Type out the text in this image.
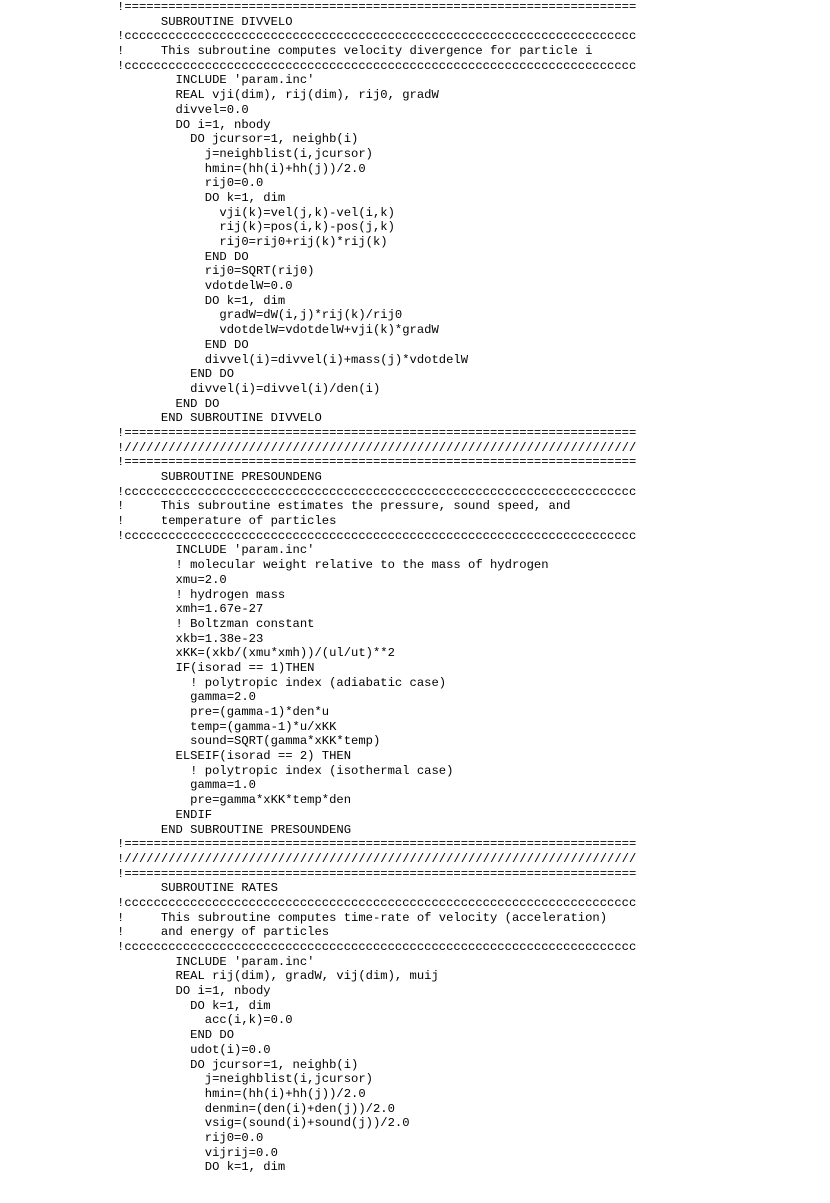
!======================================================================
SUBROUTINE DIVVELO
!cccccccccccccccccccccccccccccccccccccccccccccccccccccccccccccccccccccc
!     This subroutine computes velocity divergence for particle i
!cccccccccccccccccccccccccccccccccccccccccccccccccccccccccccccccccccccc
INCLUDE 'param.inc'
REAL vji(dim), rij(dim), rij0, gradW
divvel=0.0
DO i=1, nbody
DO jcursor=1, neighb(i)
j=neighblist(i,jcursor)
hmin=(hh(i)+hh(j))/2.0
rij0=0.0
DO k=1, dim
vji(k)=vel(j,k)-vel(i,k)
rij(k)=pos(i,k)-pos(j,k)
rij0=rij0+rij(k)*rij(k)
END DO
rij0=SQRT(rij0)
vdotdelW=0.0
DO k=1, dim
gradW=dW(i,j)*rij(k)/rij0
vdotdelW=vdotdelW+vji(k)*gradW
END DO
divvel(i)=divvel(i)+mass(j)*vdotdelW
END DO
divvel(i)=divvel(i)/den(i)
END DO
END SUBROUTINE DIVVELO
!======================================================================
!//////////////////////////////////////////////////////////////////////
!======================================================================
SUBROUTINE PRESOUNDENG
!cccccccccccccccccccccccccccccccccccccccccccccccccccccccccccccccccccccc
!     This subroutine estimates the pressure, sound speed, and
!     temperature of particles
!cccccccccccccccccccccccccccccccccccccccccccccccccccccccccccccccccccccc
INCLUDE 'param.inc'
! molecular weight relative to the mass of hydrogen
xmu=2.0
! hydrogen mass
xmh=1.67e-27
! Boltzman constant
xkb=1.38e-23
xKK=(xkb/(xmu*xmh))/(ul/ut)**2
IF(isorad == 1)THEN
! polytropic index (adiabatic case)
gamma=2.0
pre=(gamma-1)*den*u
temp=(gamma-1)*u/xKK
sound=SQRT(gamma*xKK*temp)
ELSEIF(isorad == 2) THEN
! polytropic index (isothermal case)
gamma=1.0
pre=gamma*xKK*temp*den
ENDIF
END SUBROUTINE PRESOUNDENG
!======================================================================
!//////////////////////////////////////////////////////////////////////
!======================================================================
SUBROUTINE RATES
!cccccccccccccccccccccccccccccccccccccccccccccccccccccccccccccccccccccc
!     This subroutine computes time-rate of velocity (acceleration)
!     and energy of particles
!cccccccccccccccccccccccccccccccccccccccccccccccccccccccccccccccccccccc
INCLUDE 'param.inc'
REAL rij(dim), gradW, vij(dim), muij
DO i=1, nbody
DO k=1, dim
acc(i,k)=0.0
END DO
udot(i)=0.0
DO jcursor=1, neighb(i)
j=neighblist(i,jcursor)
hmin=(hh(i)+hh(j))/2.0
denmin=(den(i)+den(j))/2.0
vsig=(sound(i)+sound(j))/2.0
rij0=0.0
vijrij=0.0
DO k=1, dim
